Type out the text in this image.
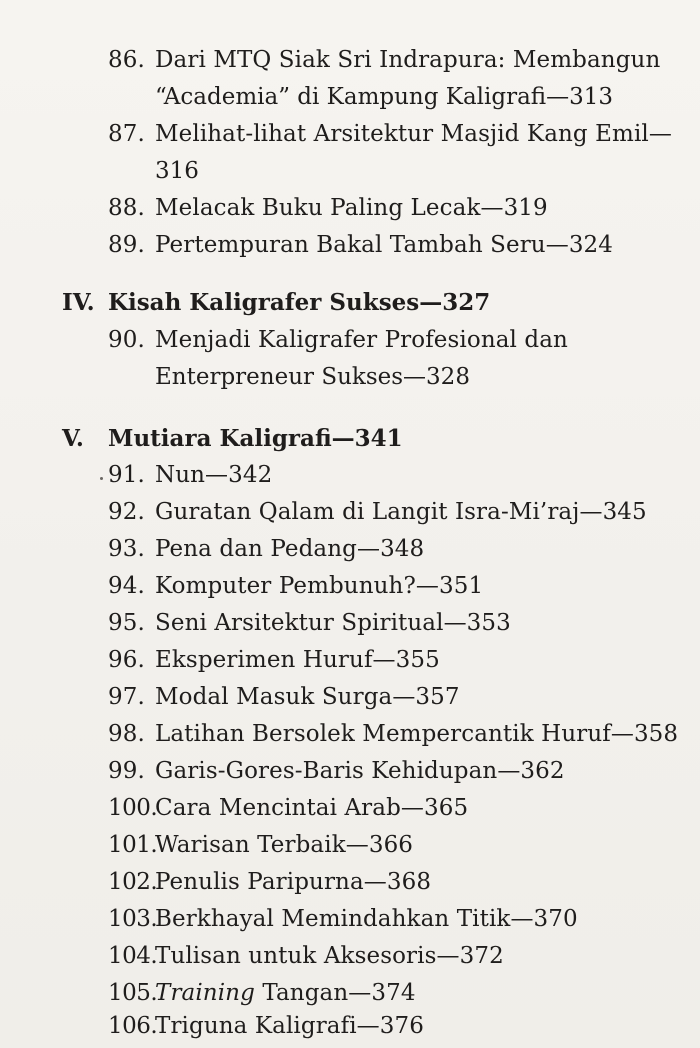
86. Dari MTQ Siak Sri Indrapura: Membangun
“Academia” di Kampung Kaligrafi—313
87. Melihat-lihat Arsitektur Masjid Kang Emil—
316
88. Melacak Buku Paling Lecak—319
89. Pertempuran Bakal Tambah Seru—324
IV. Kisah Kaligrafer Sukses—327
90. Menjadi Kaligrafer Profesional dan
Enterpreneur Sukses—328
V. Mutiara Kaligrafi—341
91. Nun—342
92. Guratan Qalam di Langit Isra-Mi’raj—345
93. Pena dan Pedang—348
94. Komputer Pembunuh?—351
95. Seni Arsitektur Spiritual—353
96. Eksperimen Huruf—355
97. Modal Masuk Surga—357
98. Latihan Bersolek Mempercantik Huruf—358
99. Garis-Gores-Baris Kehidupan—362
100.Cara Mencintai Arab—365
101.Warisan Terbaik—366
102.Penulis Paripurna—368
103.Berkhayal Memindahkan Titik—370
104.Tulisan untuk Aksesoris—372
105.Training Tangan—374
106.Triguna Kaligrafi—376
